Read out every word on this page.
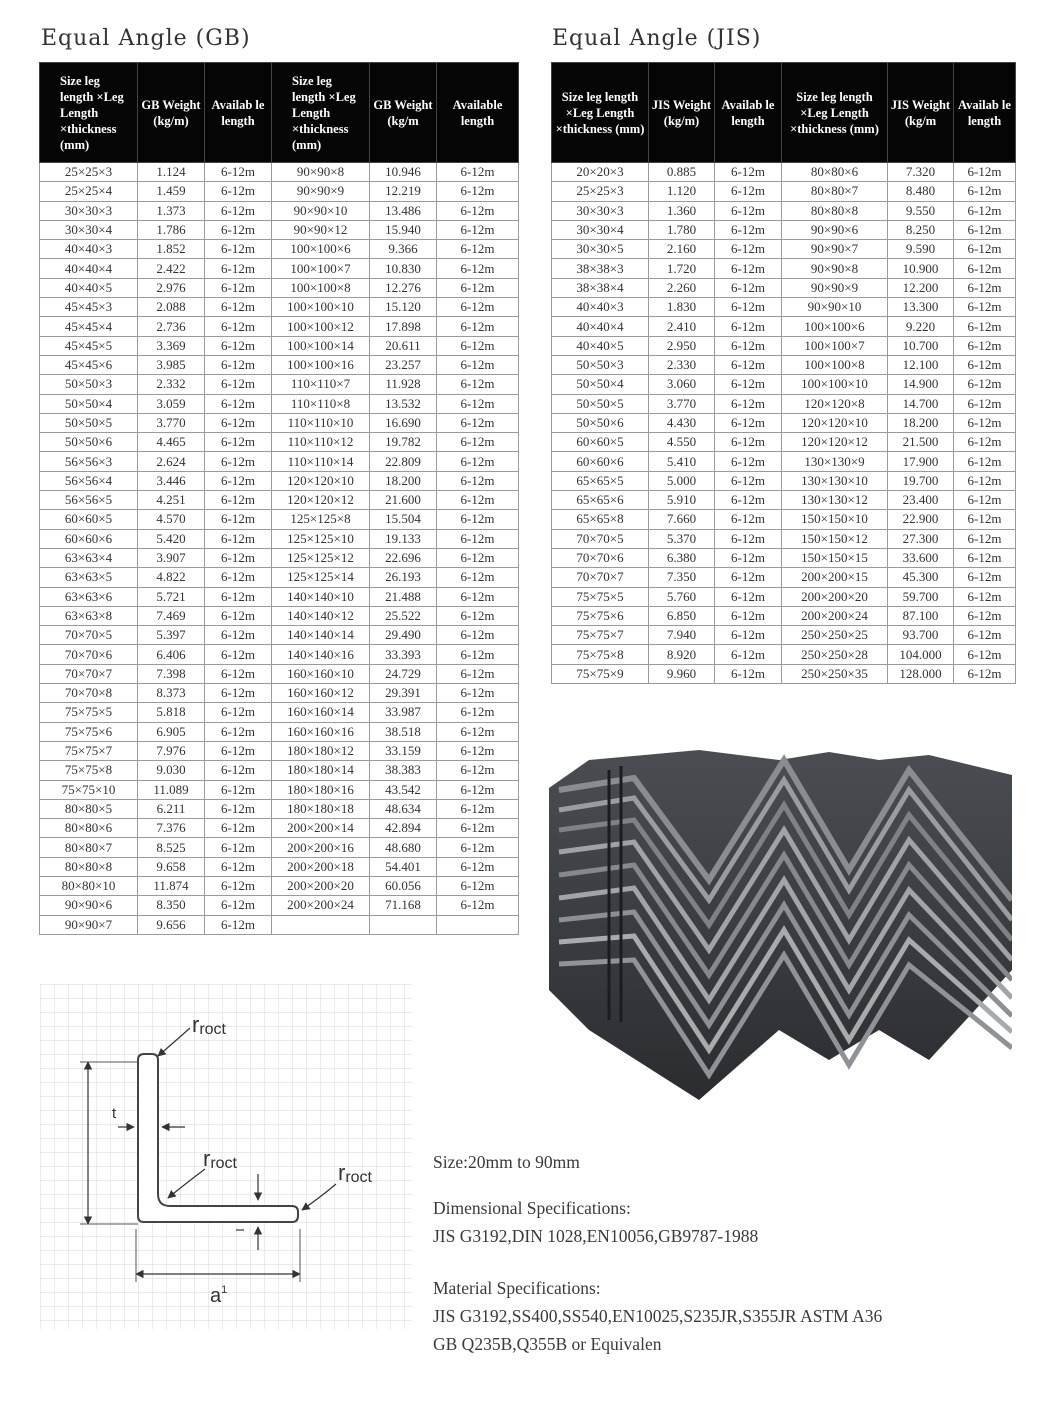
Equal Angle (GB)	Equal Angle (JIS)
Size leg length ×Leg Length ×thickness (mm)	GB Weight (kg/m)	Availab le length	Size leg length ×Leg Length ×thickness (mm)	GB Weight (kg/m	Available length
25×25×3	1.124	6-12m	90×90×8	10.946	6-12m
25×25×4	1.459	6-12m	90×90×9	12.219	6-12m
30×30×3	1.373	6-12m	90×90×10	13.486	6-12m
30×30×4	1.786	6-12m	90×90×12	15.940	6-12m
40×40×3	1.852	6-12m	100×100×6	9.366	6-12m
40×40×4	2.422	6-12m	100×100×7	10.830	6-12m
40×40×5	2.976	6-12m	100×100×8	12.276	6-12m
45×45×3	2.088	6-12m	100×100×10	15.120	6-12m
45×45×4	2.736	6-12m	100×100×12	17.898	6-12m
45×45×5	3.369	6-12m	100×100×14	20.611	6-12m
45×45×6	3.985	6-12m	100×100×16	23.257	6-12m
50×50×3	2.332	6-12m	110×110×7	11.928	6-12m
50×50×4	3.059	6-12m	110×110×8	13.532	6-12m
50×50×5	3.770	6-12m	110×110×10	16.690	6-12m
50×50×6	4.465	6-12m	110×110×12	19.782	6-12m
56×56×3	2.624	6-12m	110×110×14	22.809	6-12m
56×56×4	3.446	6-12m	120×120×10	18.200	6-12m
56×56×5	4.251	6-12m	120×120×12	21.600	6-12m
60×60×5	4.570	6-12m	125×125×8	15.504	6-12m
60×60×6	5.420	6-12m	125×125×10	19.133	6-12m
63×63×4	3.907	6-12m	125×125×12	22.696	6-12m
63×63×5	4.822	6-12m	125×125×14	26.193	6-12m
63×63×6	5.721	6-12m	140×140×10	21.488	6-12m
63×63×8	7.469	6-12m	140×140×12	25.522	6-12m
70×70×5	5.397	6-12m	140×140×14	29.490	6-12m
70×70×6	6.406	6-12m	140×140×16	33.393	6-12m
70×70×7	7.398	6-12m	160×160×10	24.729	6-12m
70×70×8	8.373	6-12m	160×160×12	29.391	6-12m
75×75×5	5.818	6-12m	160×160×14	33.987	6-12m
75×75×6	6.905	6-12m	160×160×16	38.518	6-12m
75×75×7	7.976	6-12m	180×180×12	33.159	6-12m
75×75×8	9.030	6-12m	180×180×14	38.383	6-12m
75×75×10	11.089	6-12m	180×180×16	43.542	6-12m
80×80×5	6.211	6-12m	180×180×18	48.634	6-12m
80×80×6	7.376	6-12m	200×200×14	42.894	6-12m
80×80×7	8.525	6-12m	200×200×16	48.680	6-12m
80×80×8	9.658	6-12m	200×200×18	54.401	6-12m
80×80×10	11.874	6-12m	200×200×20	60.056	6-12m
90×90×6	8.350	6-12m	200×200×24	71.168	6-12m
90×90×7	9.656	6-12m			
Size leg length ×Leg Length ×thickness (mm)	JIS Weight (kg/m)	Availab le length	Size leg length ×Leg Length ×thickness (mm)	JIS Weight (kg/m	Availab le length
20×20×3	0.885	6-12m	80×80×6	7.320	6-12m
25×25×3	1.120	6-12m	80×80×7	8.480	6-12m
30×30×3	1.360	6-12m	80×80×8	9.550	6-12m
30×30×4	1.780	6-12m	90×90×6	8.250	6-12m
30×30×5	2.160	6-12m	90×90×7	9.590	6-12m
38×38×3	1.720	6-12m	90×90×8	10.900	6-12m
38×38×4	2.260	6-12m	90×90×9	12.200	6-12m
40×40×3	1.830	6-12m	90×90×10	13.300	6-12m
40×40×4	2.410	6-12m	100×100×6	9.220	6-12m
40×40×5	2.950	6-12m	100×100×7	10.700	6-12m
50×50×3	2.330	6-12m	100×100×8	12.100	6-12m
50×50×4	3.060	6-12m	100×100×10	14.900	6-12m
50×50×5	3.770	6-12m	120×120×8	14.700	6-12m
50×50×6	4.430	6-12m	120×120×10	18.200	6-12m
60×60×5	4.550	6-12m	120×120×12	21.500	6-12m
60×60×6	5.410	6-12m	130×130×9	17.900	6-12m
65×65×5	5.000	6-12m	130×130×10	19.700	6-12m
65×65×6	5.910	6-12m	130×130×12	23.400	6-12m
65×65×8	7.660	6-12m	150×150×10	22.900	6-12m
70×70×5	5.370	6-12m	150×150×12	27.300	6-12m
70×70×6	6.380	6-12m	150×150×15	33.600	6-12m
70×70×7	7.350	6-12m	200×200×15	45.300	6-12m
75×75×5	5.760	6-12m	200×200×20	59.700	6-12m
75×75×6	6.850	6-12m	200×200×24	87.100	6-12m
75×75×7	7.940	6-12m	250×250×25	93.700	6-12m
75×75×8	8.920	6-12m	250×250×28	104.000	6-12m
75×75×9	9.960	6-12m	250×250×35	128.000	6-12m
rroct
rroct	rroct
t
$a^1$

Size:20mm to 90mm

Dimensional Specifications:

JIS G3192,DIN 1028,EN10056,GB9787-1988

Material Specifications:

JIS G3192,SS400,SS540,EN10025,S235JR,S355JR ASTM A36

GB Q235B,Q355B or Equivalen
